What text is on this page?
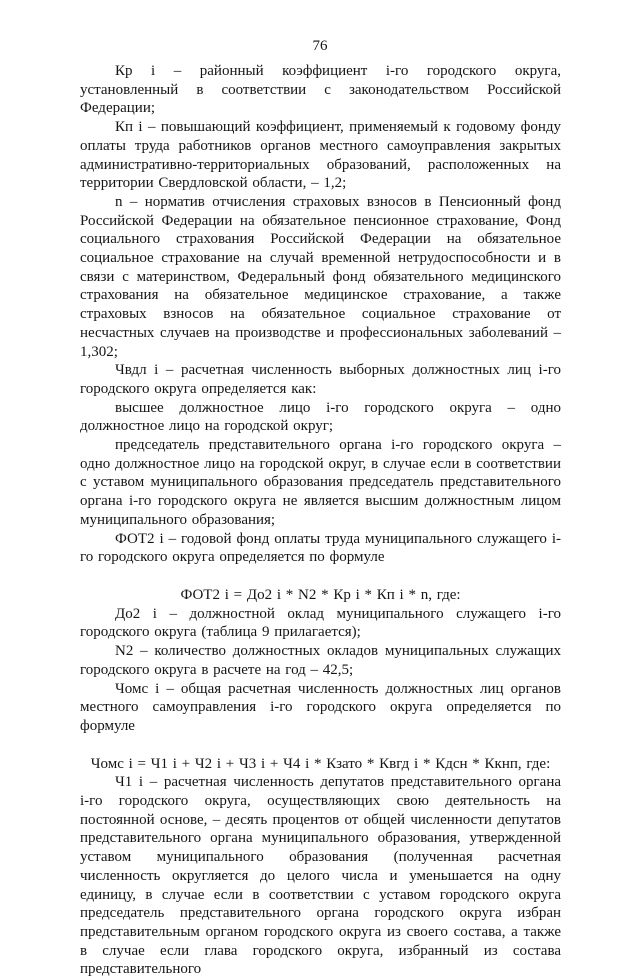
76

Кр i – районный коэффициент i-го городского округа, установленный в соответствии с законодательством Российской Федерации;

Кп i – повышающий коэффициент, применяемый к годовому фонду оплаты труда работников органов местного самоуправления закрытых административно-территориальных образований, расположенных на территории Свердловской области, – 1,2;

n – норматив отчисления страховых взносов в Пенсионный фонд Российской Федерации на обязательное пенсионное страхование, Фонд социального страхования Российской Федерации на обязательное социальное страхование на случай временной нетрудоспособности и в связи с материнством, Федеральный фонд обязательного медицинского страхования на обязательное медицинское страхование, а также страховых взносов на обязательное социальное страхование от несчастных случаев на производстве и профессиональных заболеваний – 1,302;

Чвдл i – расчетная численность выборных должностных лиц i-го городского округа определяется как:

высшее должностное лицо i-го городского округа – одно должностное лицо на городской округ;

председатель представительного органа i-го городского округа – одно должностное лицо на городской округ, в случае если в соответствии с уставом муниципального образования председатель представительного органа i-го городского округа не является высшим должностным лицом муниципального образования;

ФОТ2 i – годовой фонд оплаты труда муниципального служащего i-го городского округа определяется по формуле

ФОТ2 i = До2 i * N2 * Кр i * Кп i * n, где:

До2 i – должностной оклад муниципального служащего i-го городского округа (таблица 9 прилагается);

N2 – количество должностных окладов муниципальных служащих городского округа в расчете на год – 42,5;

Чомс i – общая расчетная численность должностных лиц органов местного самоуправления i-го городского округа определяется по формуле

Чомс i = Ч1 i + Ч2 i + Ч3 i + Ч4 i * Кзато * Квгд i * Кдсн * Ккнп, где:

Ч1 i – расчетная численность депутатов представительного органа i-го городского округа, осуществляющих свою деятельность на постоянной основе, – десять процентов от общей численности депутатов представительного органа муниципального образования, утвержденной уставом муниципального образования (полученная расчетная численность округляется до целого числа и уменьшается на одну единицу, в случае если в соответствии с уставом городского округа председатель представительного органа городского округа избран представительным органом городского округа из своего состава, а также в случае если глава городского округа, избранный из состава представительного
